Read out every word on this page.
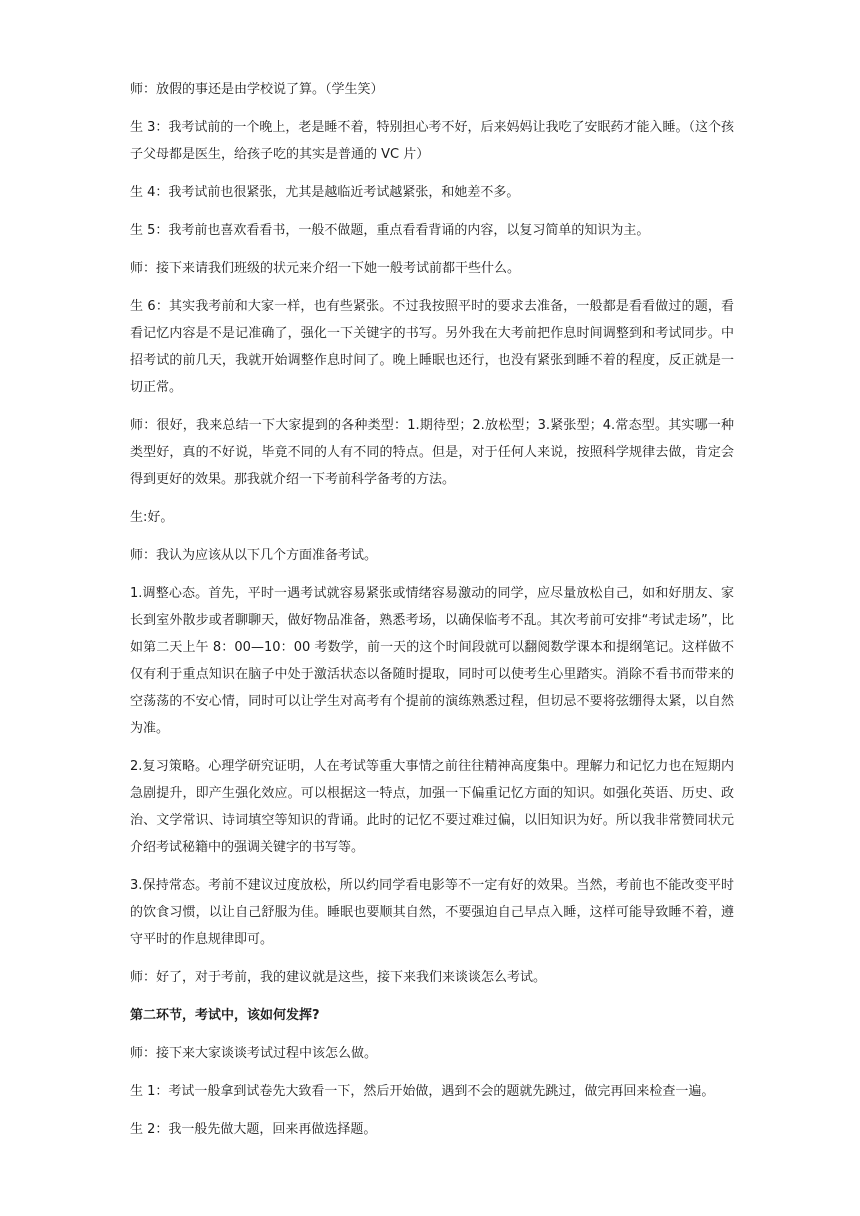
师：放假的事还是由学校说了算。（学生笑）

生 3：我考试前的一个晚上，老是睡不着，特别担心考不好，后来妈妈让我吃了安眠药才能入睡。（这个孩子父母都是医生，给孩子吃的其实是普通的 VC 片）

生 4：我考试前也很紧张，尤其是越临近考试越紧张，和她差不多。

生 5：我考前也喜欢看看书，一般不做题，重点看看背诵的内容，以复习简单的知识为主。

师：接下来请我们班级的状元来介绍一下她一般考试前都干些什么。

生 6：其实我考前和大家一样，也有些紧张。不过我按照平时的要求去准备，一般都是看看做过的题，看看记忆内容是不是记准确了，强化一下关键字的书写。另外我在大考前把作息时间调整到和考试同步。中招考试的前几天，我就开始调整作息时间了。晚上睡眠也还行，也没有紧张到睡不着的程度，反正就是一切正常。

师：很好，我来总结一下大家提到的各种类型：1.期待型；2.放松型；3.紧张型；4.常态型。其实哪一种类型好，真的不好说，毕竟不同的人有不同的特点。但是，对于任何人来说，按照科学规律去做，肯定会得到更好的效果。那我就介绍一下考前科学备考的方法。

生:好。

师：我认为应该从以下几个方面准备考试。

1.调整心态。首先，平时一遇考试就容易紧张或情绪容易激动的同学，应尽量放松自己，如和好朋友、家长到室外散步或者聊聊天，做好物品准备，熟悉考场，以确保临考不乱。其次考前可安排“考试走场”，比如第二天上午 8：00—10：00 考数学，前一天的这个时间段就可以翻阅数学课本和提纲笔记。这样做不仅有利于重点知识在脑子中处于激活状态以备随时提取，同时可以使考生心里踏实。消除不看书而带来的空荡荡的不安心情，同时可以让学生对高考有个提前的演练熟悉过程，但切忌不要将弦绷得太紧，以自然为准。

2.复习策略。心理学研究证明，人在考试等重大事情之前往往精神高度集中。理解力和记忆力也在短期内急剧提升，即产生强化效应。可以根据这一特点，加强一下偏重记忆方面的知识。如强化英语、历史、政治、文学常识、诗词填空等知识的背诵。此时的记忆不要过难过偏，以旧知识为好。所以我非常赞同状元介绍考试秘籍中的强调关键字的书写等。

3.保持常态。考前不建议过度放松，所以约同学看电影等不一定有好的效果。当然，考前也不能改变平时的饮食习惯，以让自己舒服为佳。睡眠也要顺其自然，不要强迫自己早点入睡，这样可能导致睡不着，遵守平时的作息规律即可。

师：好了，对于考前，我的建议就是这些，接下来我们来谈谈怎么考试。

第二环节，考试中，该如何发挥?

师：接下来大家谈谈考试过程中该怎么做。

生 1：考试一般拿到试卷先大致看一下，然后开始做，遇到不会的题就先跳过，做完再回来检查一遍。

生 2：我一般先做大题，回来再做选择题。
